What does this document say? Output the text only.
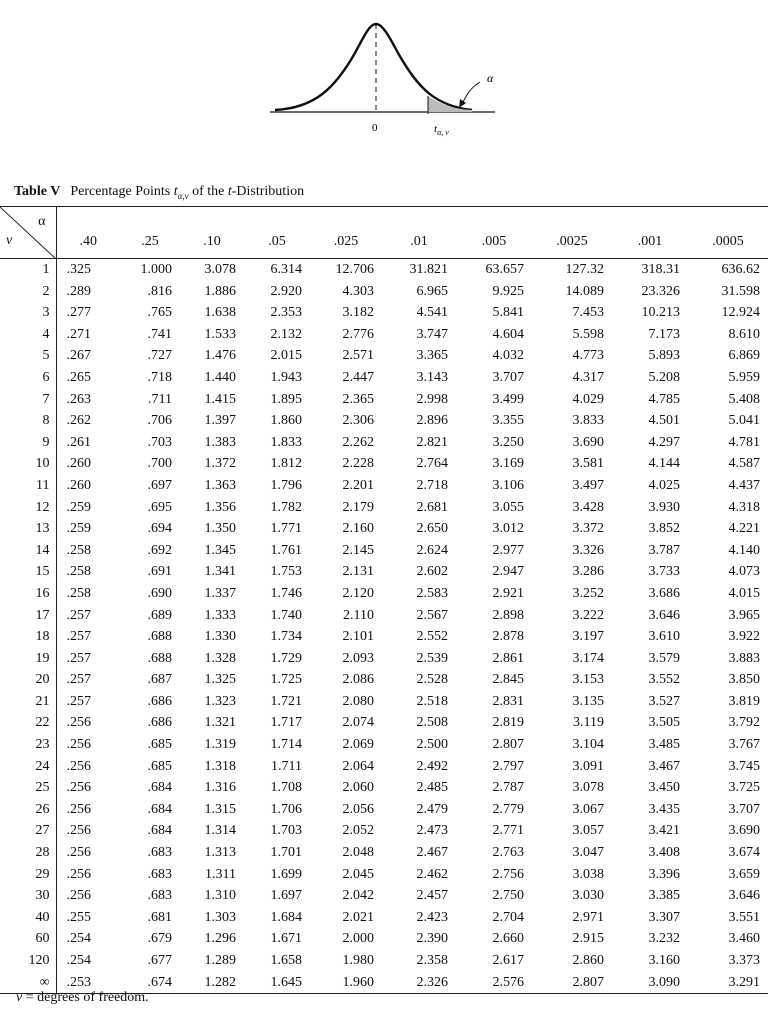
α
0	$t_{\alpha, \nu}$
Table V Percentage Points $t_{\alpha,\nu}$ of the t-Distribution
α
ν	.40	.25	.10	.05	.025	.01	.005	.0025	.001	.0005
1	.325	1.000	3.078	6.314	12.706	31.821	63.657	127.32	318.31	636.62
2	.289	.816	1.886	2.920	4.303	6.965	9.925	14.089	23.326	31.598
3	.277	.765	1.638	2.353	3.182	4.541	5.841	7.453	10.213	12.924
4	.271	.741	1.533	2.132	2.776	3.747	4.604	5.598	7.173	8.610
5	.267	.727	1.476	2.015	2.571	3.365	4.032	4.773	5.893	6.869
6	.265	.718	1.440	1.943	2.447	3.143	3.707	4.317	5.208	5.959
7	.263	.711	1.415	1.895	2.365	2.998	3.499	4.029	4.785	5.408
8	.262	.706	1.397	1.860	2.306	2.896	3.355	3.833	4.501	5.041
9	.261	.703	1.383	1.833	2.262	2.821	3.250	3.690	4.297	4.781
10	.260	.700	1.372	1.812	2.228	2.764	3.169	3.581	4.144	4.587
11	.260	.697	1.363	1.796	2.201	2.718	3.106	3.497	4.025	4.437
12	.259	.695	1.356	1.782	2.179	2.681	3.055	3.428	3.930	4.318
13	.259	.694	1.350	1.771	2.160	2.650	3.012	3.372	3.852	4.221
14	.258	.692	1.345	1.761	2.145	2.624	2.977	3.326	3.787	4.140
15	.258	.691	1.341	1.753	2.131	2.602	2.947	3.286	3.733	4.073
16	.258	.690	1.337	1.746	2.120	2.583	2.921	3.252	3.686	4.015
17	.257	.689	1.333	1.740	2.110	2.567	2.898	3.222	3.646	3.965
18	.257	.688	1.330	1.734	2.101	2.552	2.878	3.197	3.610	3.922
19	.257	.688	1.328	1.729	2.093	2.539	2.861	3.174	3.579	3.883
20	.257	.687	1.325	1.725	2.086	2.528	2.845	3.153	3.552	3.850
21	.257	.686	1.323	1.721	2.080	2.518	2.831	3.135	3.527	3.819
22	.256	.686	1.321	1.717	2.074	2.508	2.819	3.119	3.505	3.792
23	.256	.685	1.319	1.714	2.069	2.500	2.807	3.104	3.485	3.767
24	.256	.685	1.318	1.711	2.064	2.492	2.797	3.091	3.467	3.745
25	.256	.684	1.316	1.708	2.060	2.485	2.787	3.078	3.450	3.725
26	.256	.684	1.315	1.706	2.056	2.479	2.779	3.067	3.435	3.707
27	.256	.684	1.314	1.703	2.052	2.473	2.771	3.057	3.421	3.690
28	.256	.683	1.313	1.701	2.048	2.467	2.763	3.047	3.408	3.674
29	.256	.683	1.311	1.699	2.045	2.462	2.756	3.038	3.396	3.659
30	.256	.683	1.310	1.697	2.042	2.457	2.750	3.030	3.385	3.646
40	.255	.681	1.303	1.684	2.021	2.423	2.704	2.971	3.307	3.551
60	.254	.679	1.296	1.671	2.000	2.390	2.660	2.915	3.232	3.460
120	.254	.677	1.289	1.658	1.980	2.358	2.617	2.860	3.160	3.373
∞	.253	.674	1.282	1.645	1.960	2.326	2.576	2.807	3.090	3.291
ν = degrees of freedom.
